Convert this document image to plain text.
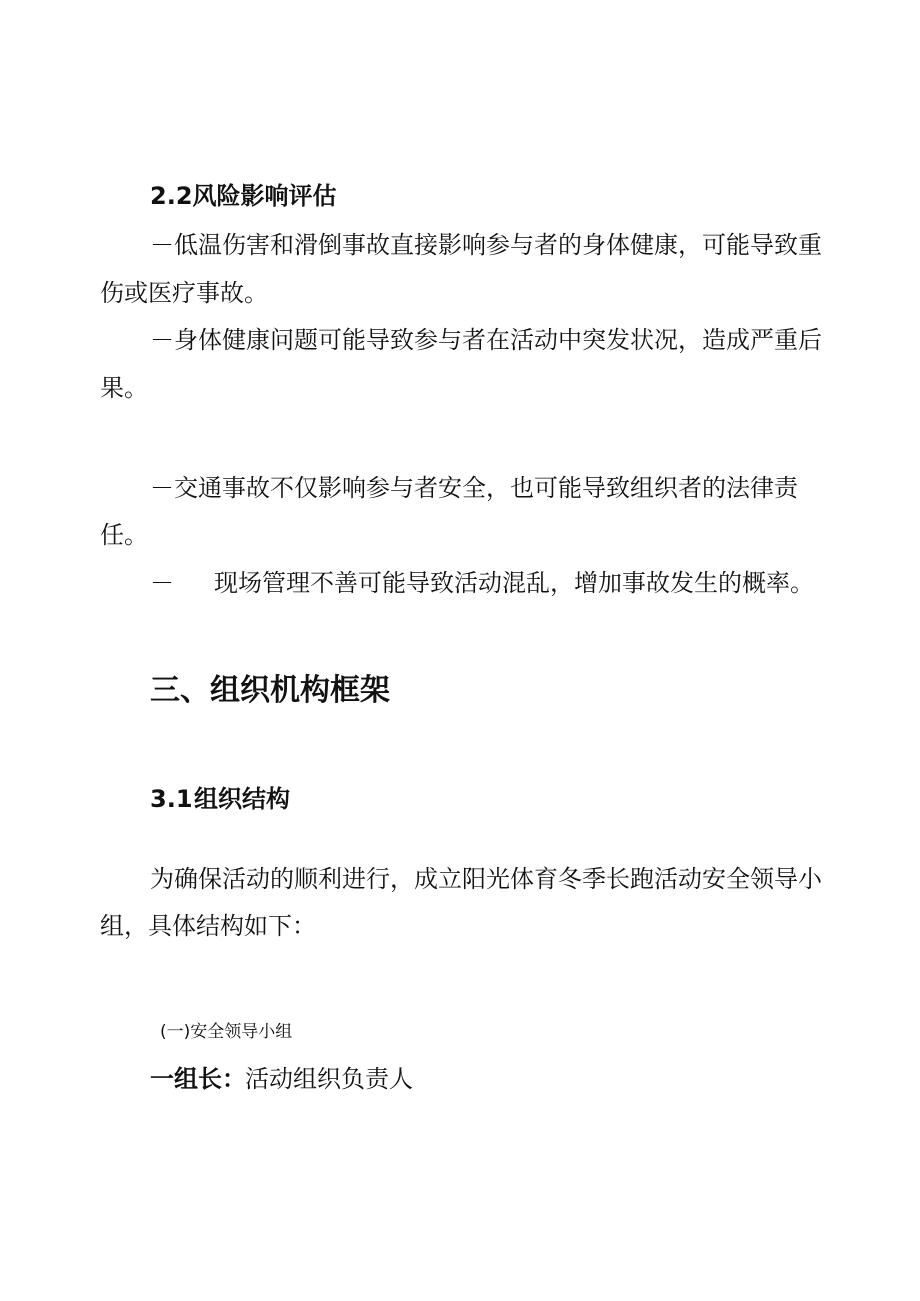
2.2风险影响评估

－低温伤害和滑倒事故直接影响参与者的身体健康，可能导致重

伤或医疗事故。

－身体健康问题可能导致参与者在活动中突发状况，造成严重后

果。

－交通事故不仅影响参与者安全，也可能导致组织者的法律责

任。

－ 现场管理不善可能导致活动混乱，增加事故发生的概率。

三、组织机构框架

3.1 组织结构

为确保活动的顺利进行，成立阳光体育冬季长跑活动安全领导小

组，具体结构如下：

(一)安全领导小组

一组长： 活动组织负责人
